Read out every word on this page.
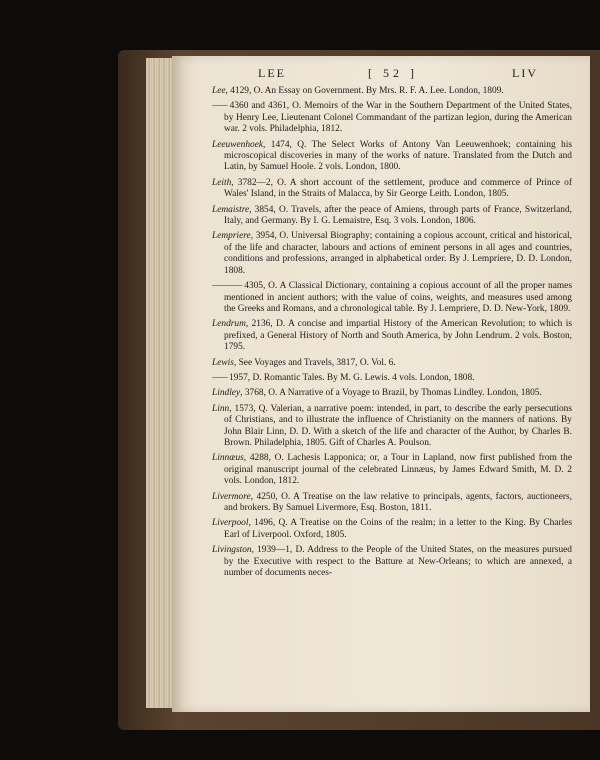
LEE	[ 52 ]	LIV
Lee, 4129, O. An Essay on Government. By Mrs. R. F. A. Lee. London, 1809.
—— 4360 and 4361, O. Memoirs of the War in the Southern Department of the United States, by Henry Lee, Lieutenant Colonel Commandant of the partizan legion, during the American war. 2 vols. Philadelphia, 1812.
Leeuwenhoek, 1474, Q. The Select Works of Antony Van Leeuwenhoek; containing his microscopical discoveries in many of the works of nature. Translated from the Dutch and Latin, by Samuel Hoole. 2 vols. London, 1800.
Leith, 3782—2, O. A short account of the settlement, produce and commerce of Prince of Wales' Island, in the Straits of Malacca, by Sir George Leith. London, 1805.
Lemaistre, 3854, O. Travels, after the peace of Amiens, through parts of France, Switzerland, Italy, and Germany. By I. G. Lemaistre, Esq. 3 vols. London, 1806.
Lempriere, 3954, O. Universal Biography; containing a copious account, critical and historical, of the life and character, labours and actions of eminent persons in all ages and countries, conditions and professions, arranged in alphabetical order. By J. Lempriere, D. D. London, 1808.
———— 4305, O. A Classical Dictionary, containing a copious account of all the proper names mentioned in ancient authors; with the value of coins, weights, and measures used among the Greeks and Romans, and a chronological table. By J. Lempriere, D. D. New-York, 1809.
Lendrum, 2136, D. A concise and impartial History of the American Revolution; to which is prefixed, a General History of North and South America, by John Lendrum. 2 vols. Boston, 1795.
Lewis, See Voyages and Travels, 3817, O. Vol. 6.
—— 1957, D. Romantic Tales. By M. G. Lewis. 4 vols. London, 1808.
Lindley, 3768, O. A Narrative of a Voyage to Brazil, by Thomas Lindley. London, 1805.
Linn, 1573, Q. Valerian, a narrative poem: intended, in part, to describe the early persecutions of Christians, and to illustrate the influence of Christianity on the manners of nations. By John Blair Linn, D. D. With a sketch of the life and character of the Author, by Charles B. Brown. Philadelphia, 1805. Gift of Charles A. Poulson.
Linnæus, 4288, O. Lachesis Lapponica; or, a Tour in Lapland, now first published from the original manuscript journal of the celebrated Linnæus, by James Edward Smith, M. D. 2 vols. London, 1812.
Livermore, 4250, O. A Treatise on the law relative to principals, agents, factors, auctioneers, and brokers. By Samuel Livermore, Esq. Boston, 1811.
Liverpool, 1496, Q. A Treatise on the Coins of the realm; in a letter to the King. By Charles Earl of Liverpool. Oxford, 1805.
Livingston, 1939—1, D. Address to the People of the United States, on the measures pursued by the Executive with respect to the Batture at New-Orleans; to which are annexed, a number of documents neces-
